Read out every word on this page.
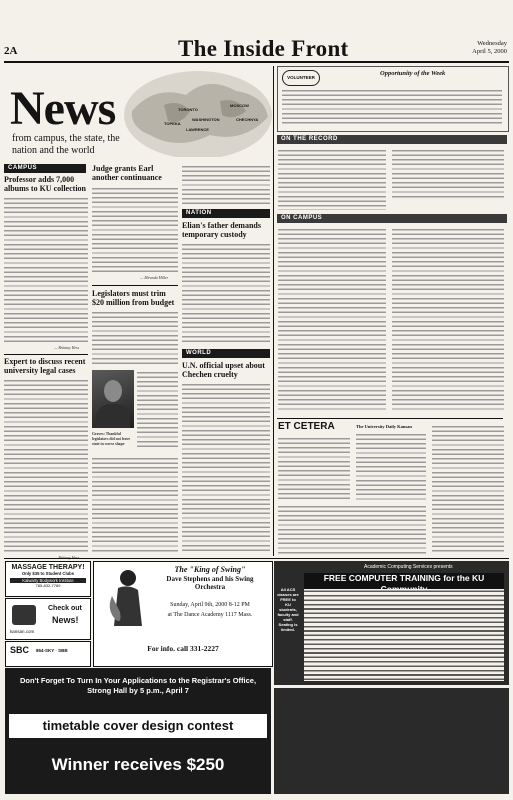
2A	The Inside Front	Wednesday
April 5, 2000
News
from campus, the state, the nation and the world
TOPEKA
LAWRENCE
WASHINGTON
MOSCOW
TORONTO
CHECHNYA
CAMPUS
Professor adds 7,000 albums to KU collection
— Brittany Hess
Expert to discuss recent university legal cases
Judge grants Earl another continuance
— Miranda Miller
Legislators must trim $20 million from budget
Graves: Thankful legislators did not leave state in worse shape
NATION
Elian's father demands temporary custody
WORLD
U.N. official upset about Chechen cruelty
VOLUNTEER
Opportunity of the Week
ON THE RECORD
ON CAMPUS
ET CETERA	The University Daily Kansan
MASSAGE THERAPY!
Only $35 to Student Clubs
Kalwarty Bodywork Institute
785-832-7789
Check out
News!
kansan.com
SBC 864-SKY · SBB
The "King of Swing"
Dave Stephens and his Swing Orchestra
Sunday, April 9th, 2000 8-12 PM
at The Dance Academy 1117 Mass.
For info. call 331-2227
Academic Computing Services presents
FREE COMPUTER TRAINING for the KU
All ACS classes are FREE to KU students, faculty and staff. Seating is limited.
Don't Forget To Turn In Your Applications to the Registrar's Office, Strong Hall by 5 p.m., April 7
timetable cover design contest
Winner receives $250
